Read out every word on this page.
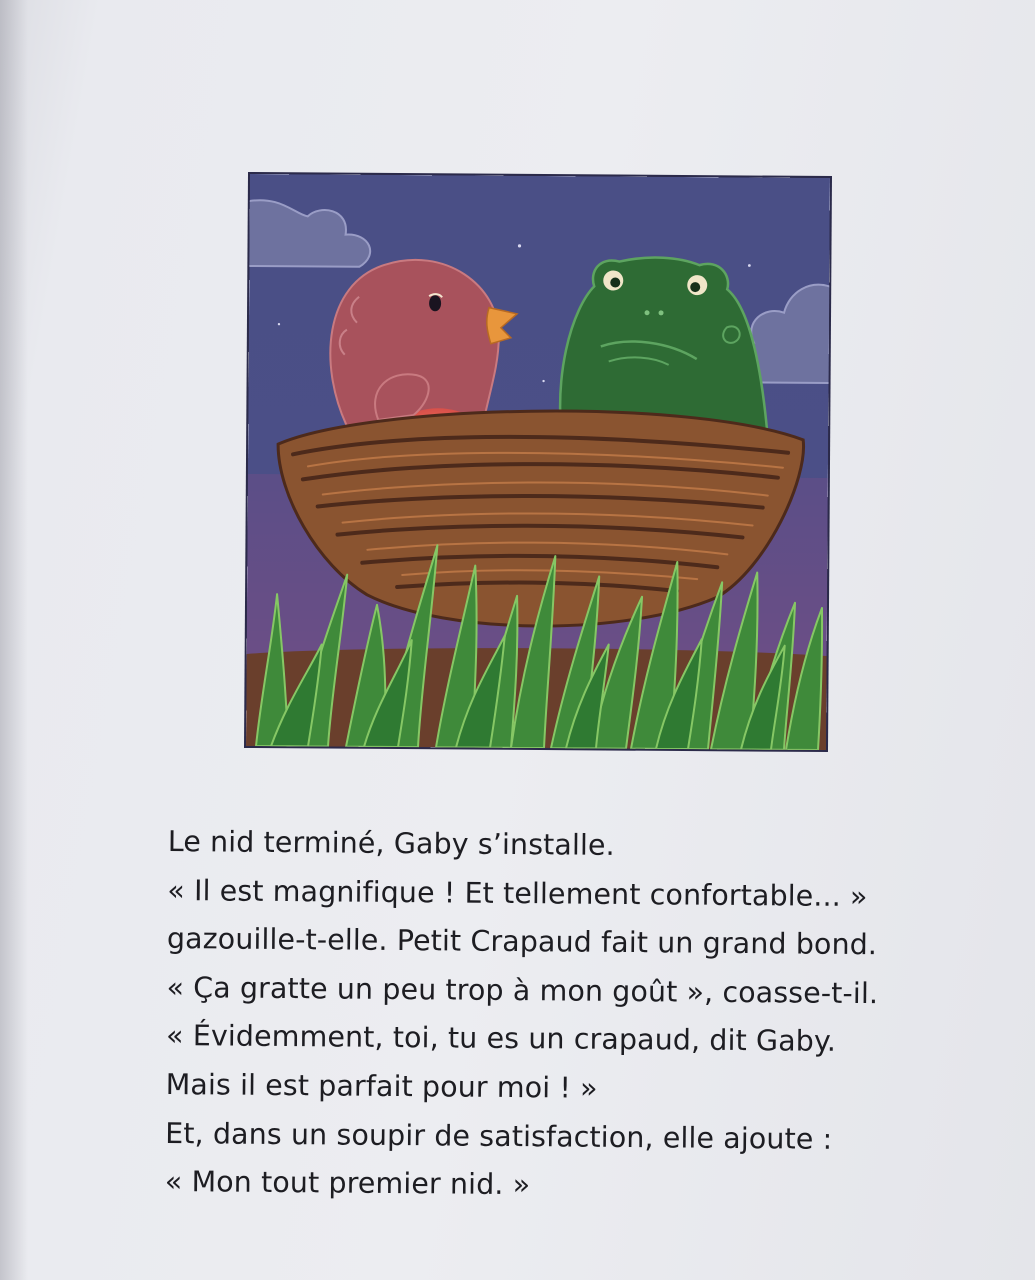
Le nid terminé, Gaby s’installe.
« Il est magnifique ! Et tellement confortable... »
gazouille-t-elle. Petit Crapaud fait un grand bond.
« Ça gratte un peu trop à mon goût », coasse-t-il.
« Évidemment, toi, tu es un crapaud, dit Gaby.
Mais il est parfait pour moi ! »
Et, dans un soupir de satisfaction, elle ajoute :
« Mon tout premier nid. »
